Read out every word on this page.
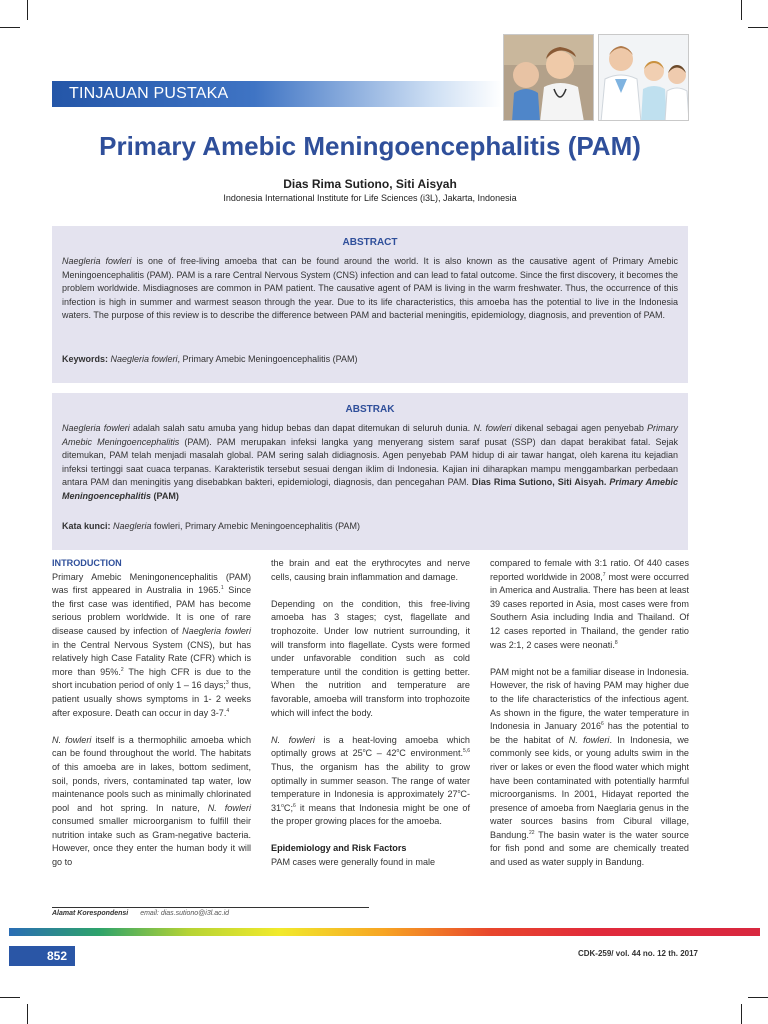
TINJAUAN PUSTAKA
Primary Amebic Meningoencephalitis (PAM)
Dias Rima Sutiono, Siti Aisyah
Indonesia International Institute for Life Sciences (i3L), Jakarta, Indonesia
ABSTRACT
Naegleria fowleri is one of free-living amoeba that can be found around the world. It is also known as the causative agent of Primary Amebic Meningoencephalitis (PAM). PAM is a rare Central Nervous System (CNS) infection and can lead to fatal outcome. Since the first discovery, it becomes the problem worldwide. Misdiagnoses are common in PAM patient. The causative agent of PAM is living in the warm freshwater. Thus, the occurrence of this infection is high in summer and warmest season through the year. Due to its life characteristics, this amoeba has the potential to live in the Indonesia waters. The purpose of this review is to describe the difference between PAM and bacterial meningitis, epidemiology, diagnosis, and prevention of PAM.
Keywords: Naegleria fowleri, Primary Amebic Meningoencephalitis (PAM)
ABSTRAK
Naegleria fowleri adalah salah satu amuba yang hidup bebas dan dapat ditemukan di seluruh dunia. N. fowleri dikenal sebagai agen penyebab Primary Amebic Meningoencephalitis (PAM). PAM merupakan infeksi langka yang menyerang sistem saraf pusat (SSP) dan dapat berakibat fatal. Sejak ditemukan, PAM telah menjadi masalah global. PAM sering salah didiagnosis. Agen penyebab PAM hidup di air tawar hangat, oleh karena itu kejadian infeksi tertinggi saat cuaca terpanas. Karakteristik tersebut sesuai dengan iklim di Indonesia. Kajian ini diharapkan mampu menggambarkan perbedaan antara PAM dan meningitis yang disebabkan bakteri, epidemiologi, diagnosis, dan pencegahan PAM. Dias Rima Sutiono, Siti Aisyah. Primary Amebic Meningoencephalitis (PAM)
Kata kunci: Naegleria fowleri, Primary Amebic Meningoencephalitis (PAM)
INTRODUCTION

Primary Amebic Meningonencephalitis (PAM) was first appeared in Australia in 1965.$^1$ Since the first case was identified, PAM has become serious problem worldwide. It is one of rare disease caused by infection of Naegleria fowleri in the Central Nervous System (CNS), but has relatively high Case Fatality Rate (CFR) which is more than 95%.$^2$ The high CFR is due to the short incubation period of only 1 – 16 days;$^3$ thus, patient usually shows symptoms in 1- 2 weeks after exposure. Death can occur in day 3-7.$^4$

N. fowleri itself is a thermophilic amoeba which can be found throughout the world. The habitats of this amoeba are in lakes, bottom sediment, soil, ponds, rivers, contaminated tap water, low maintenance pools such as minimally chlorinated pool and hot spring. In nature, N. fowleri consumed smaller microorganism to fulfill their nutrition intake such as Gram-negative bacteria. However, once they enter the human body it will go to

the brain and eat the erythrocytes and nerve cells, causing brain inflammation and damage.

Depending on the condition, this free-living amoeba has 3 stages; cyst, flagellate and trophozoite. Under low nutrient surrounding, it will transform into flagellate. Cysts were formed under unfavorable condition such as cold temperature until the condition is getting better. When the nutrition and temperature are favorable, amoeba will transform into trophozoite which will infect the body.

N. fowleri is a heat-loving amoeba which optimally grows at 25$^o$C – 42$^o$C environment.$^{5,6}$ Thus, the organism has the ability to grow optimally in summer season. The range of water temperature in Indonesia is approximately 27$^o$C-31$^o$C;$^6$ it means that Indonesia might be one of the proper growing places for the amoeba.

Epidemiology and Risk Factors
PAM cases were generally found in male

compared to female with 3:1 ratio. Of 440 cases reported worldwide in 2008,$^7$ most were occurred in America and Australia. There has been at least 39 cases reported in Asia, most cases were from Southern Asia including India and Thailand. Of 12 cases reported in Thailand, the gender ratio was 2:1, 2 cases were neonati.$^8$

PAM might not be a familiar disease in Indonesia. However, the risk of having PAM may higher due to the life characteristics of the infectious agent. As shown in the figure, the water temperature in Indonesia in January 2016$^6$ has the potential to be the habitat of N. fowleri. In Indonesia, we commonly see kids, or young adults swim in the river or lakes or even the flood water which might have been contaminated with potentially harmful microorganisms. In 2001, Hidayat reported the presence of amoeba from Naeglaria genus in the water sources basins from Cibural village, Bandung.$^{22}$ The basin water is the water source for fish pond and some are chemically treated and used as water supply in Bandung.

Alamat Korespondensi email: dias.sutiono@i3l.ac.id
852	CDK-259/ vol. 44 no. 12 th. 2017
